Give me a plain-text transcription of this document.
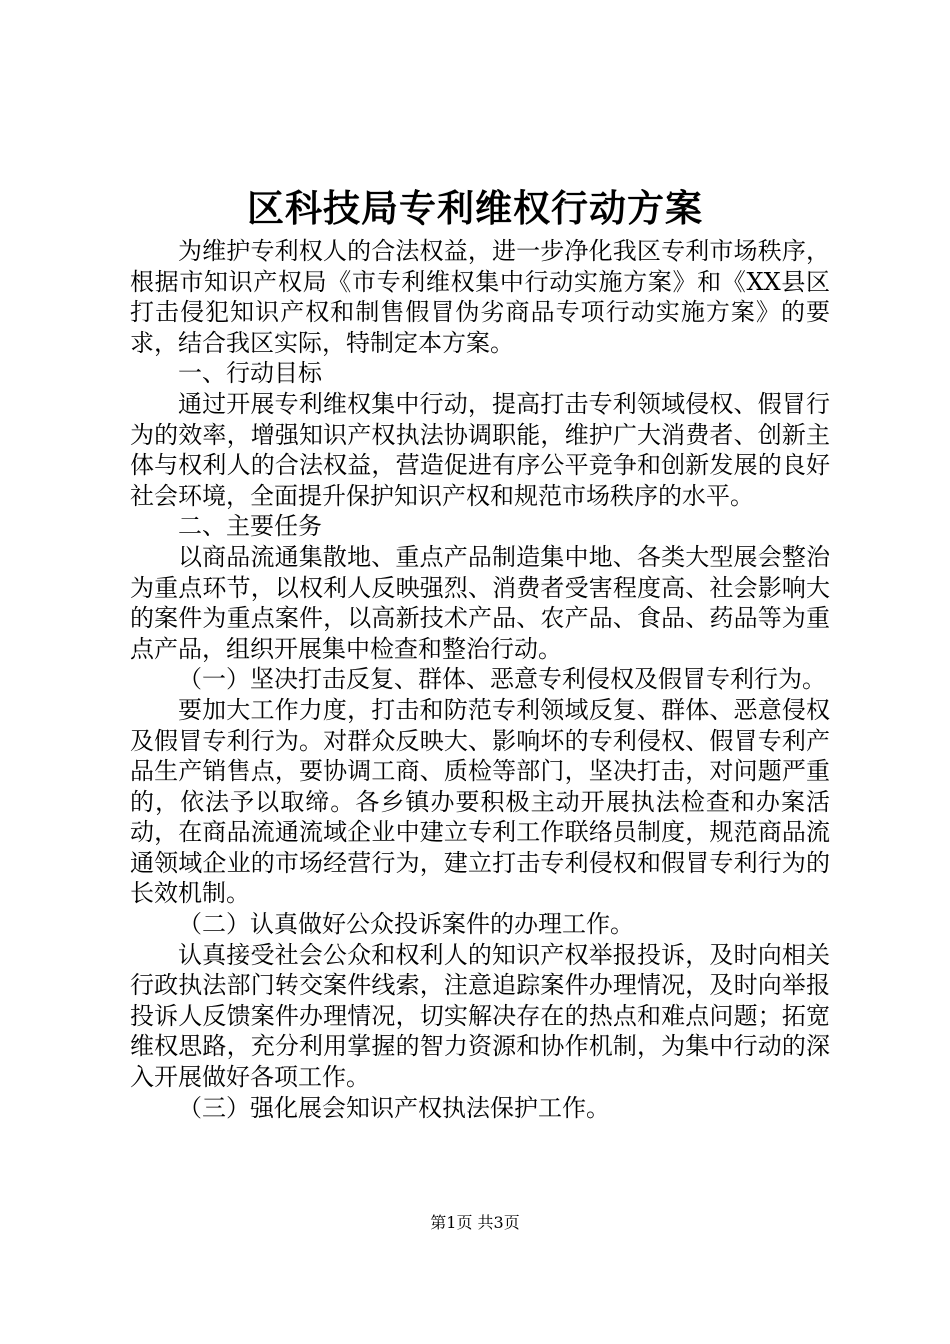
区科技局专利维权行动方案

为维护专利权人的合法权益，进一步净化我区专利市场秩序，根据市知识产权局《市专利维权集中行动实施方案》和《XX县区打击侵犯知识产权和制售假冒伪劣商品专项行动实施方案》的要求，结合我区实际，特制定本方案。

一、行动目标

通过开展专利维权集中行动，提高打击专利领域侵权、假冒行为的效率，增强知识产权执法协调职能，维护广大消费者、创新主体与权利人的合法权益，营造促进有序公平竞争和创新发展的良好社会环境，全面提升保护知识产权和规范市场秩序的水平。

二、主要任务

以商品流通集散地、重点产品制造集中地、各类大型展会整治为重点环节，以权利人反映强烈、消费者受害程度高、社会影响大的案件为重点案件，以高新技术产品、农产品、食品、药品等为重点产品，组织开展集中检查和整治行动。

（一）坚决打击反复、群体、恶意专利侵权及假冒专利行为。

要加大工作力度，打击和防范专利领域反复、群体、恶意侵权及假冒专利行为。对群众反映大、影响坏的专利侵权、假冒专利产品生产销售点，要协调工商、质检等部门，坚决打击，对问题严重的，依法予以取缔。各乡镇办要积极主动开展执法检查和办案活动，在商品流通流域企业中建立专利工作联络员制度，规范商品流通领域企业的市场经营行为，建立打击专利侵权和假冒专利行为的长效机制。

（二）认真做好公众投诉案件的办理工作。

认真接受社会公众和权利人的知识产权举报投诉，及时向相关行政执法部门转交案件线索，注意追踪案件办理情况，及时向举报投诉人反馈案件办理情况，切实解决存在的热点和难点问题；拓宽维权思路，充分利用掌握的智力资源和协作机制，为集中行动的深入开展做好各项工作。

（三）强化展会知识产权执法保护工作。

第1页 共3页
